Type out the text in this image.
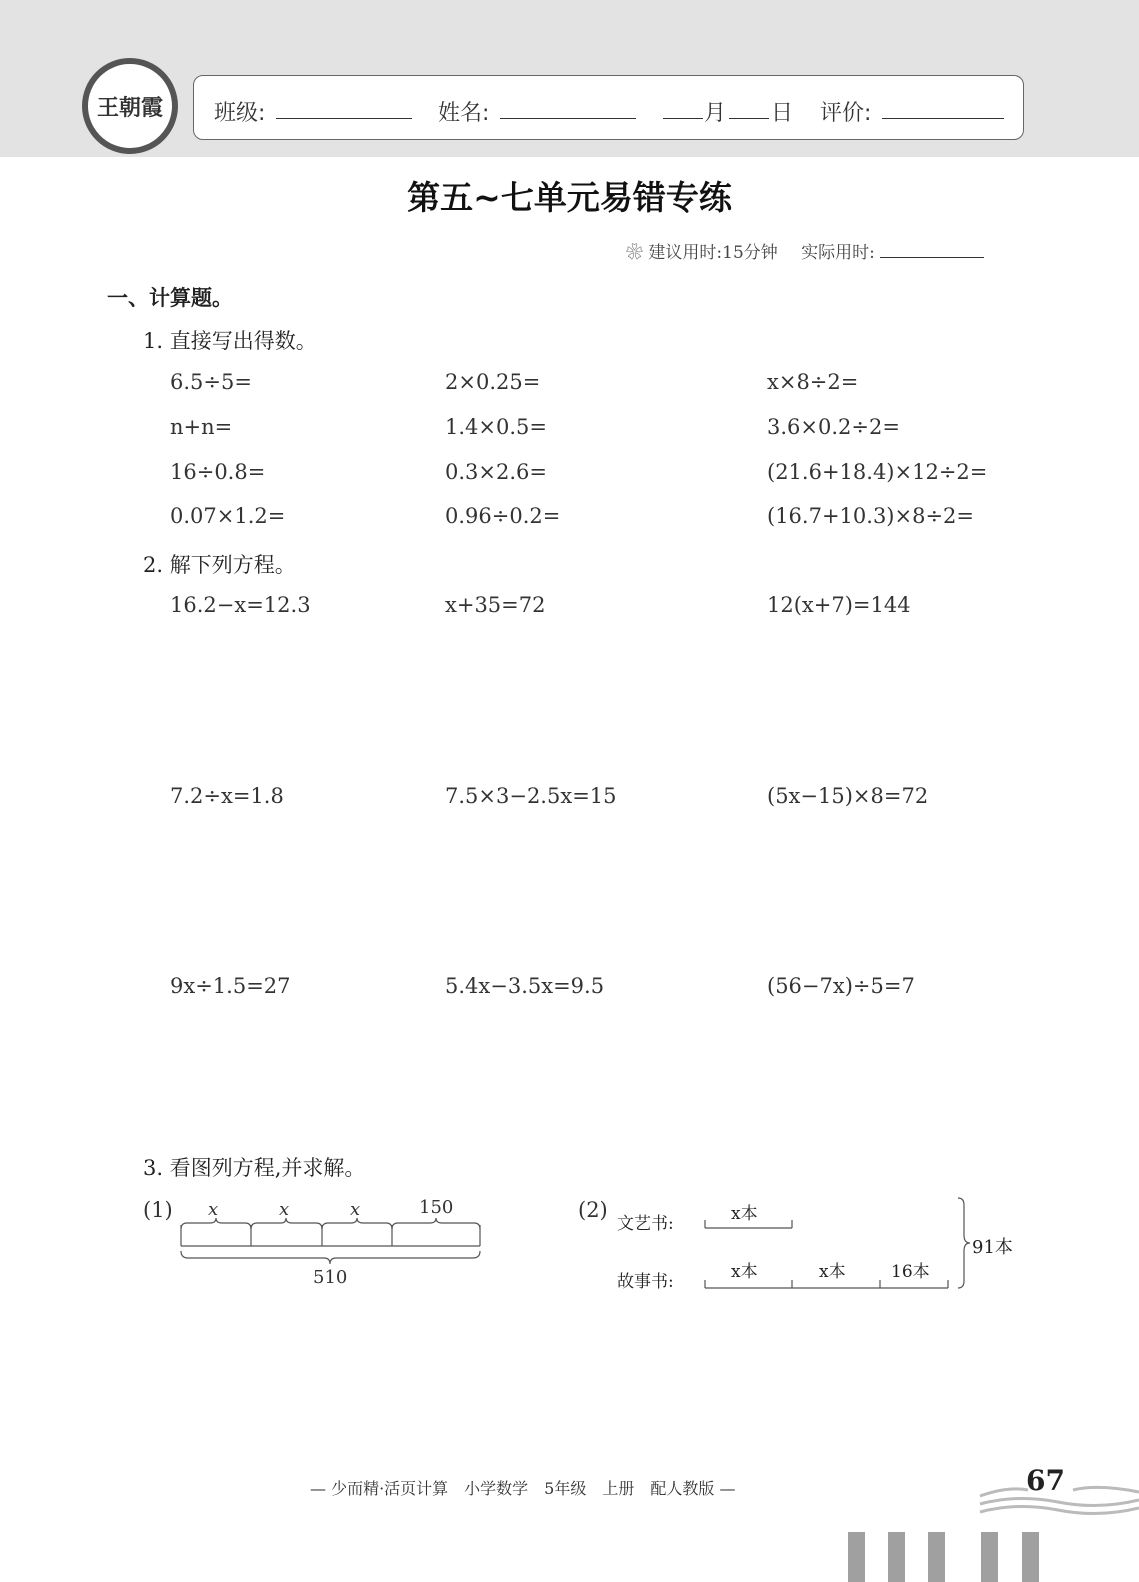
王朝霞 班级:	姓名:	月 日 评价:
第五~七单元易错专练
❀ 建议用时:15分钟 实际用时:
一、计算题。
1. 直接写出得数。
6.5÷5=	2×0.25=	x×8÷2=
n+n=	1.4×0.5=	3.6×0.2÷2=
16÷0.8=	0.3×2.6=	(21.6+18.4)×12÷2=
0.07×1.2=	0.96÷0.2=	(16.7+10.3)×8÷2=
2. 解下列方程。
16.2−x=12.3	x+35=72	12(x+7)=144
7.2÷x=1.8	7.5×3−2.5x=15	(5x−15)×8=72
9x÷1.5=27	5.4x−3.5x=9.5	(56−7x)÷5=7
3. 看图列方程,并求解。
(1) x	x	x	150
510
(2)
文艺书:
故事书:
x本
x本	x本	16本
91本
— 少而精·活页计算　小学数学　5年级　上册　配人教版 —	67
